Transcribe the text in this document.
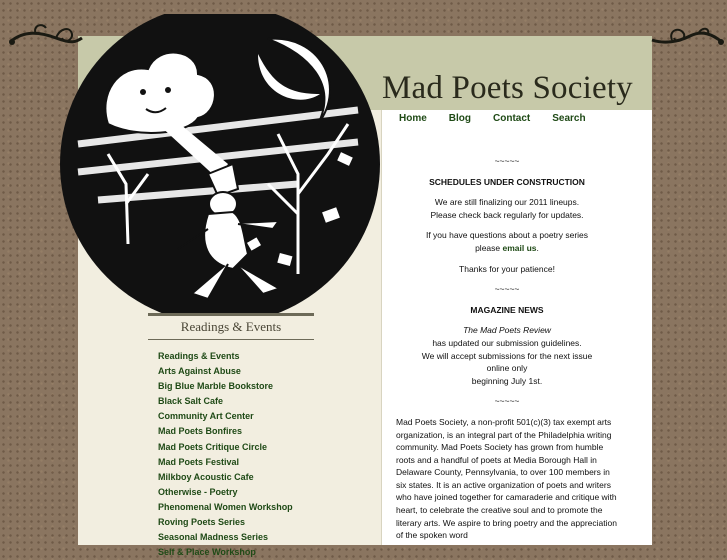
Mad Poets Society
Home Blog Contact Search
Readings & Events
Readings & Events
Arts Against Abuse
Big Blue Marble Bookstore
Black Salt Cafe
Community Art Center
Mad Poets Bonfires
Mad Poets Critique Circle
Mad Poets Festival
Milkboy Acoustic Cafe
Otherwise - Poetry
Phenomenal Women Workshop
Roving Poets Series
Seasonal Madness Series
Self & Place Workshop

~~~~~

SCHEDULES UNDER CONSTRUCTION

We are still finalizing our 2011 lineups.
Please check back regularly for updates.

If you have questions about a poetry series
please email us.

Thanks for your patience!

~~~~~

MAGAZINE NEWS

The Mad Poets Review
has updated our submission guidelines.
We will accept submissions for the next issue
online only
beginning July 1st.

~~~~~

Mad Poets Society, a non-profit 501(c)(3) tax exempt arts organization, is an integral part of the Philadelphia writing community. Mad Poets Society has grown from humble roots and a handful of poets at Media Borough Hall in Delaware County, Pennsylvania, to over 100 members in six states. It is an active organization of poets and writers who have joined together for camaraderie and critique with heart, to celebrate the creative soul and to promote the literary arts. We aspire to bring poetry and the appreciation of the spoken word
